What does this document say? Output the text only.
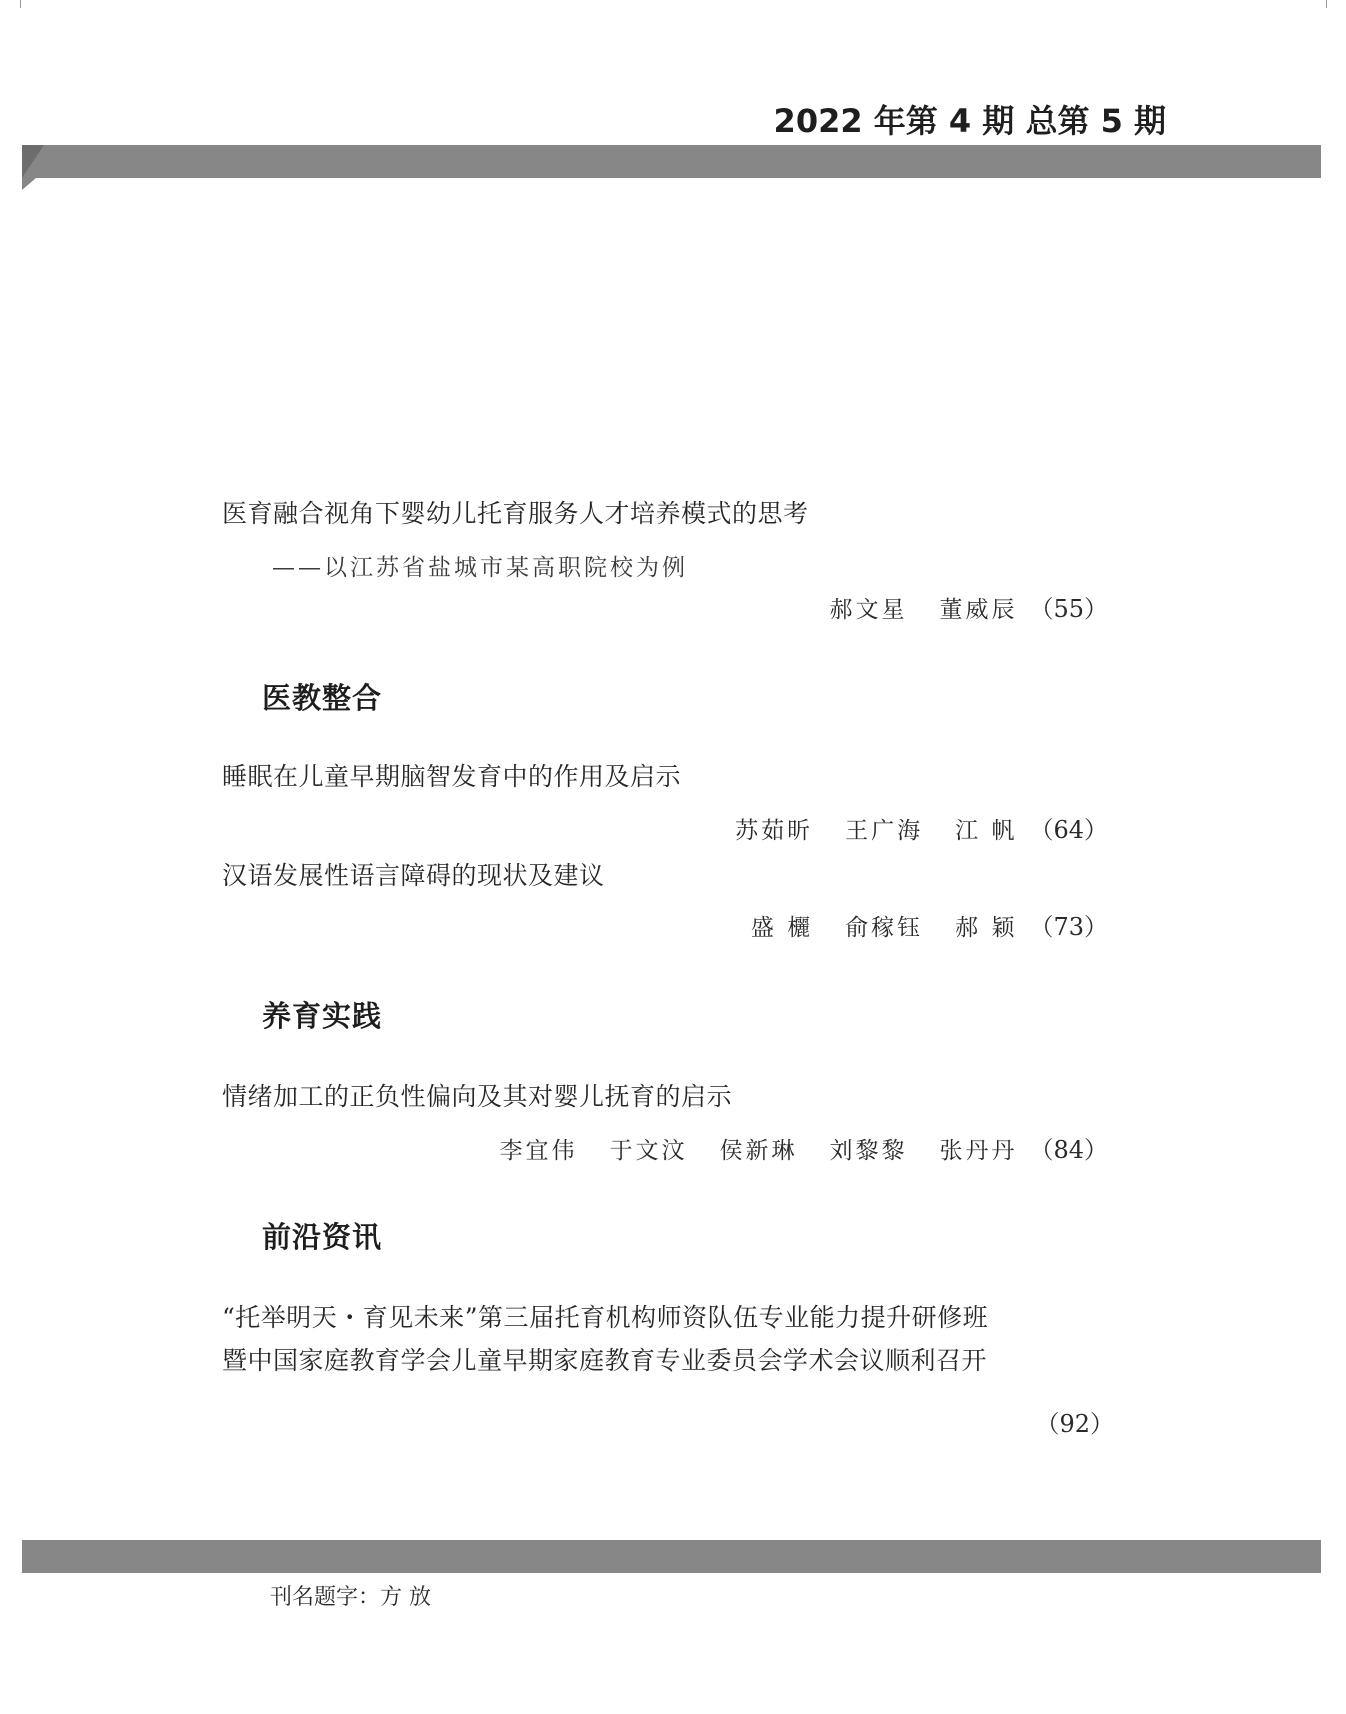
2022 年第 4 期 总第 5 期
医育融合视角下婴幼儿托育服务人才培养模式的思考
——以江苏省盐城市某高职院校为例
郝文星 董威辰 （55）
医教整合
睡眠在儿童早期脑智发育中的作用及启示
苏茹昕 王广海 江 帆 （64）
汉语发展性语言障碍的现状及建议
盛 欐 俞稼钰 郝 颖 （73）
养育实践
情绪加工的正负性偏向及其对婴儿抚育的启示
李宜伟 于文汶 侯新琳 刘黎黎 张丹丹 （84）
前沿资讯
“托举明天・育见未来”第三届托育机构师资队伍专业能力提升研修班
暨中国家庭教育学会儿童早期家庭教育专业委员会学术会议顺利召开
（92）
刊名题字：方 放
